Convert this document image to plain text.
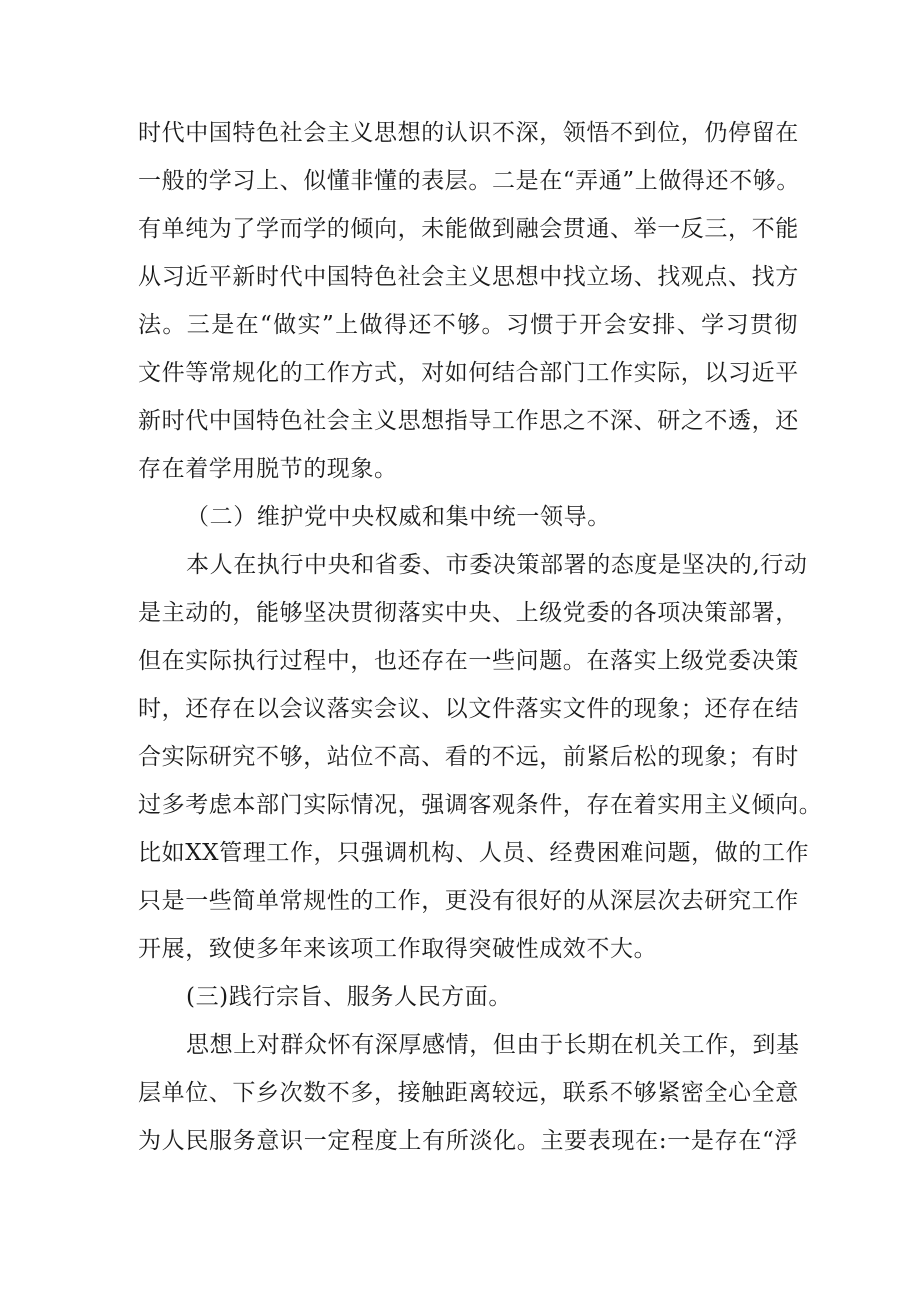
时代中国特色社会主义思想的认识不深，领悟不到位，仍停留在
一般的学习上、似懂非懂的表层。二是在“弄通”上做得还不够。
有单纯为了学而学的倾向，未能做到融会贯通、举一反三，不能
从习近平新时代中国特色社会主义思想中找立场、找观点、找方
法。三是在“做实”上做得还不够。习惯于开会安排、学习贯彻
文件等常规化的工作方式，对如何结合部门工作实际，以习近平
新时代中国特色社会主义思想指导工作思之不深、研之不透，还
存在着学用脱节的现象。
（二）维护党中央权威和集中统一领导。
本人在执行中央和省委、市委决策部署的态度是坚决的,行动
是主动的，能够坚决贯彻落实中央、上级党委的各项决策部署，
但在实际执行过程中，也还存在一些问题。在落实上级党委决策
时，还存在以会议落实会议、以文件落实文件的现象；还存在结
合实际研究不够，站位不高、看的不远，前紧后松的现象；有时
过多考虑本部门实际情况，强调客观条件，存在着实用主义倾向。
比如XX管理工作，只强调机构、人员、经费困难问题，做的工作
只是一些简单常规性的工作，更没有很好的从深层次去研究工作
开展，致使多年来该项工作取得突破性成效不大。
(三)践行宗旨、服务人民方面。
思想上对群众怀有深厚感情，但由于长期在机关工作，到基
层单位、下乡次数不多，接触距离较远，联系不够紧密全心全意
为人民服务意识一定程度上有所淡化。主要表现在:一是存在“浮
